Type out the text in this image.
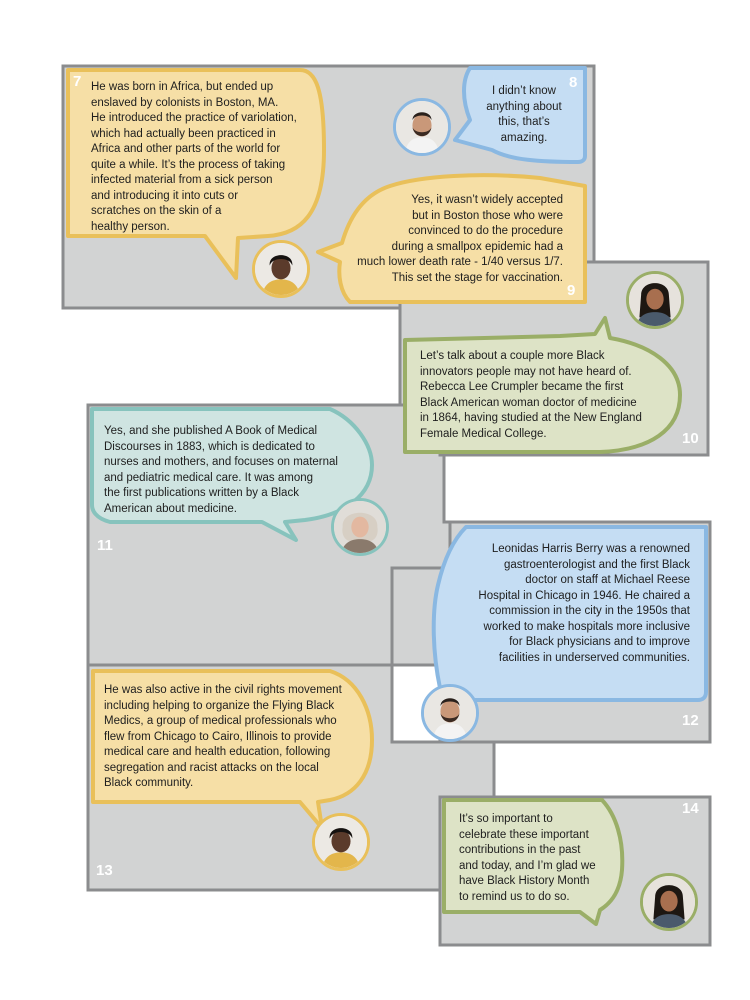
7	8
9
10
11
12
13
14
He was born in Africa, but ended up
enslaved by colonists in Boston, MA.
He introduced the practice of variolation,
which had actually been practiced in
Africa and other parts of the world for
quite a while. It’s the process of taking
infected material from a sick person
and introducing it into cuts or
scratches on the skin of a
healthy person.
I didn’t know
anything about
this, that’s
amazing.
Yes, it wasn’t widely accepted
but in Boston those who were
convinced to do the procedure
during a smallpox epidemic had a
much lower death rate - 1/40 versus 1/7.
This set the stage for vaccination.
Let’s talk about a couple more Black
innovators people may not have heard of.
Rebecca Lee Crumpler became the first
Black American woman doctor of medicine
in 1864, having studied at the New England
Female Medical College.
Yes, and she published A Book of Medical
Discourses in 1883, which is dedicated to
nurses and mothers, and focuses on maternal
and pediatric medical care. It was among
the first publications written by a Black
American about medicine.
Leonidas Harris Berry was a renowned
gastroenterologist and the first Black
doctor on staff at Michael Reese
Hospital in Chicago in 1946. He chaired a
commission in the city in the 1950s that
worked to make hospitals more inclusive
for Black physicians and to improve
facilities in underserved communities.
He was also active in the civil rights movement
including helping to organize the Flying Black
Medics, a group of medical professionals who
flew from Chicago to Cairo, Illinois to provide
medical care and health education, following
segregation and racist attacks on the local
Black community.
It’s so important to
celebrate these important
contributions in the past
and today, and I’m glad we
have Black History Month
to remind us to do so.
